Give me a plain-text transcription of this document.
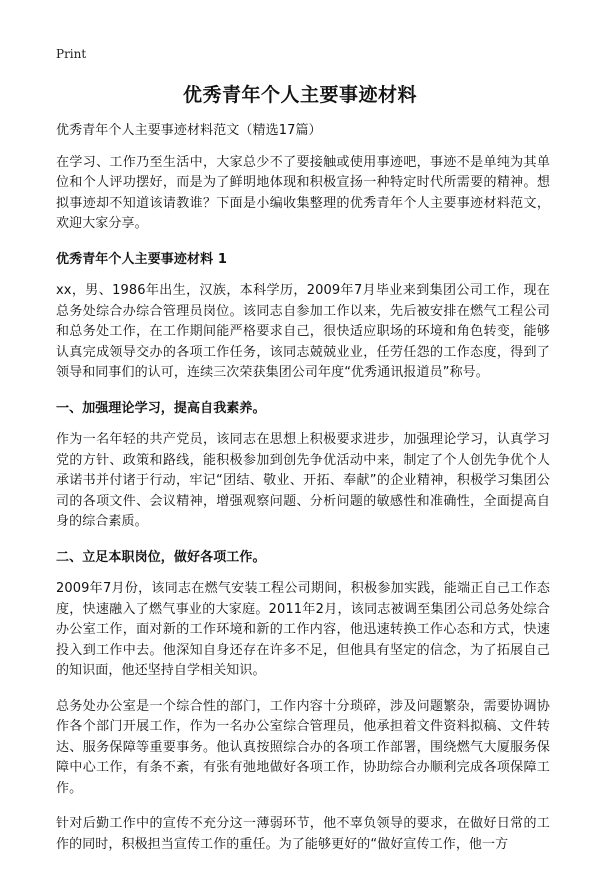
Print
优秀青年个人主要事迹材料

优秀青年个人主要事迹材料范文（精选17篇）

在学习、工作乃至生活中，大家总少不了要接触或使用事迹吧，事迹不是单纯为其单位和个人评功摆好，而是为了鲜明地体现和积极宣扬一种特定时代所需要的精神。想拟事迹却不知道该请教谁？下面是小编收集整理的优秀青年个人主要事迹材料范文，欢迎大家分享。

优秀青年个人主要事迹材料 1

xx，男、1986年出生，汉族，本科学历，2009年7月毕业来到集团公司工作，现在总务处综合办综合管理员岗位。该同志自参加工作以来，先后被安排在燃气工程公司和总务处工作，在工作期间能严格要求自己，很快适应职场的环境和角色转变，能够认真完成领导交办的各项工作任务，该同志兢兢业业，任劳任怨的工作态度，得到了领导和同事们的认可，连续三次荣获集团公司年度“优秀通讯报道员”称号。

一、加强理论学习，提高自我素养。

作为一名年轻的共产党员，该同志在思想上积极要求进步，加强理论学习，认真学习党的方针、政策和路线，能积极参加到创先争优活动中来，制定了个人创先争优个人承诺书并付诸于行动，牢记“团结、敬业、开拓、奉献”的企业精神，积极学习集团公司的各项文件、会议精神，增强观察问题、分析问题的敏感性和准确性，全面提高自身的综合素质。

二、立足本职岗位，做好各项工作。

2009年7月份，该同志在燃气安装工程公司期间，积极参加实践，能端正自己工作态度，快速融入了燃气事业的大家庭。2011年2月，该同志被调至集团公司总务处综合办公室工作，面对新的工作环境和新的工作内容，他迅速转换工作心态和方式，快速投入到工作中去。他深知自身还存在许多不足，但他具有坚定的信念，为了拓展自己的知识面，他还坚持自学相关知识。

总务处办公室是一个综合性的部门，工作内容十分琐碎，涉及问题繁杂，需要协调协作各个部门开展工作，作为一名办公室综合管理员，他承担着文件资料拟稿、文件转达、服务保障等重要事务。他认真按照综合办的各项工作部署，围绕燃气大厦服务保障中心工作，有条不紊，有张有弛地做好各项工作，协助综合办顺利完成各项保障工作。

针对后勤工作中的宣传不充分这一薄弱环节，他不辜负领导的要求，在做好日常的工作的同时，积极担当宣传工作的重任。为了能够更好的“做好宣传工作，他一方
